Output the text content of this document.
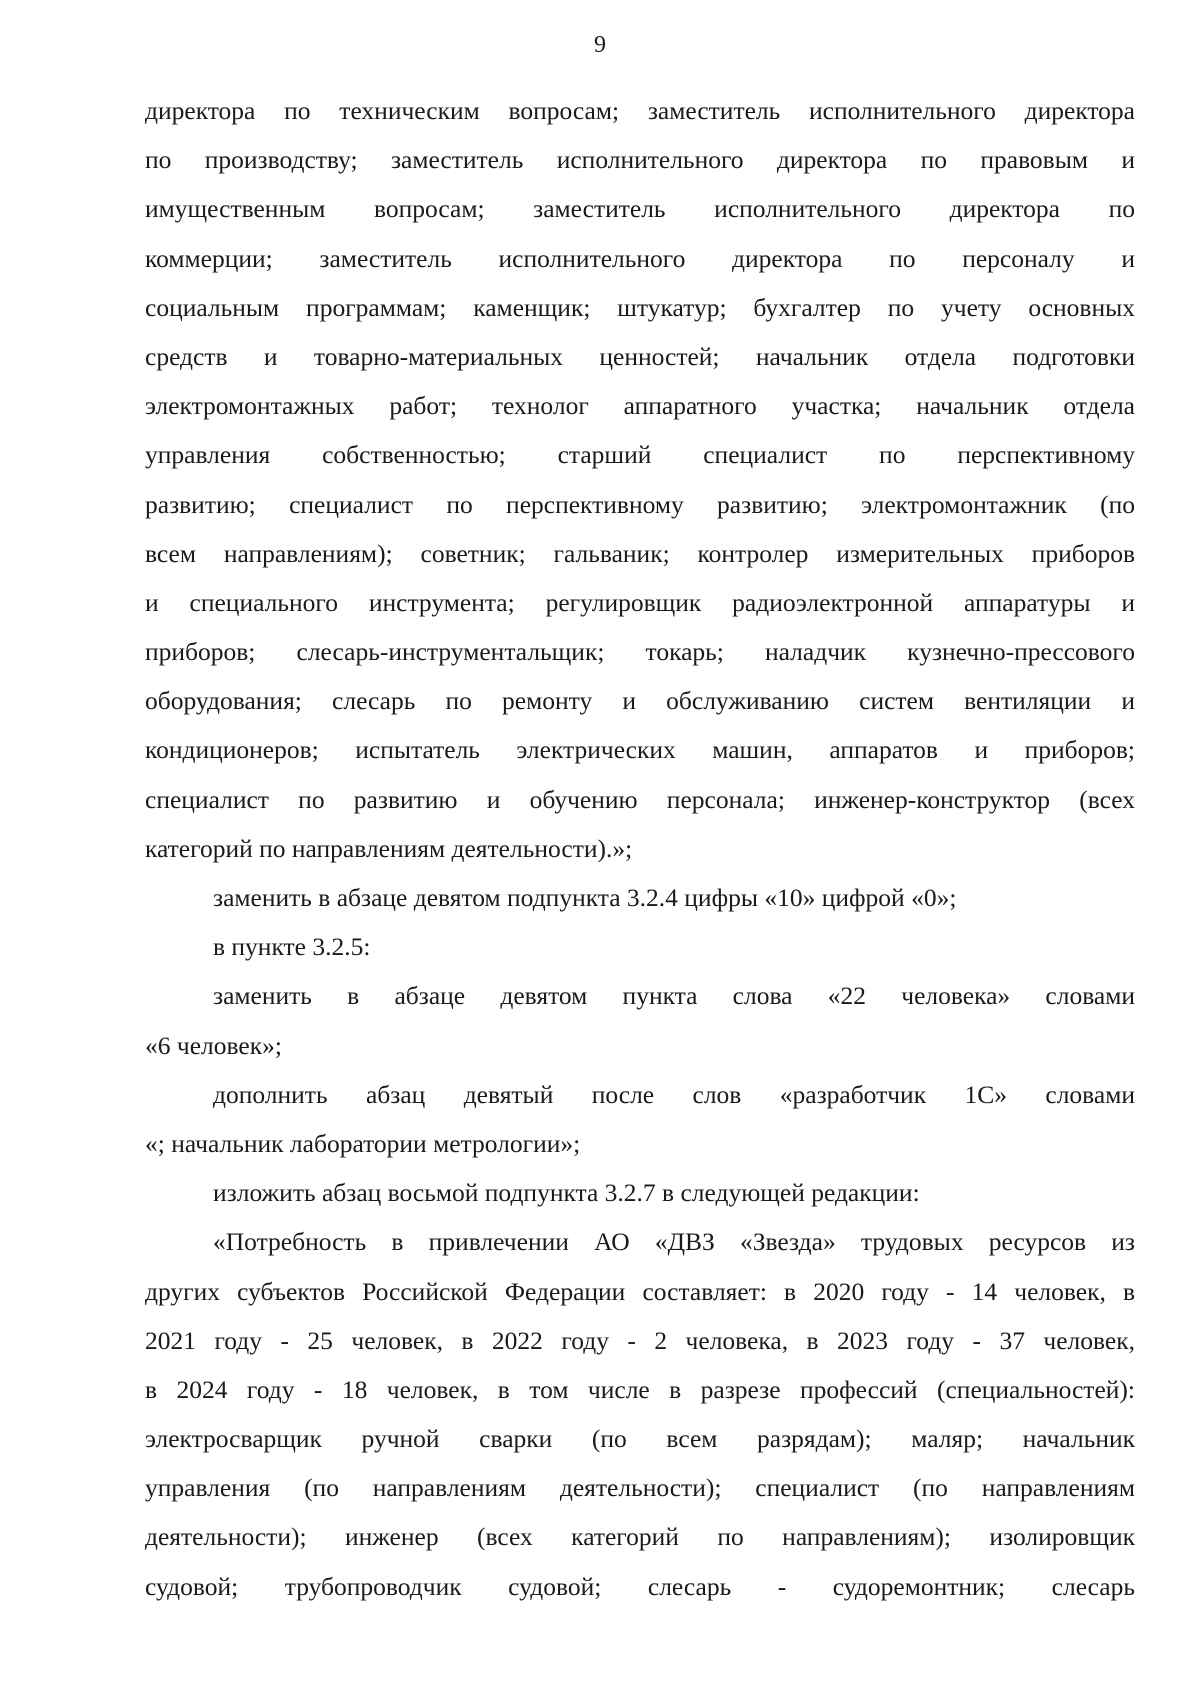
9
директора по техническим вопросам; заместитель исполнительного директора
по производству; заместитель исполнительного директора по правовым и
имущественным вопросам; заместитель исполнительного директора по
коммерции; заместитель исполнительного директора по персоналу и
социальным программам; каменщик; штукатур; бухгалтер по учету основных
средств и товарно-материальных ценностей; начальник отдела подготовки
электромонтажных работ; технолог аппаратного участка; начальник отдела
управления собственностью; старший специалист по перспективному
развитию; специалист по перспективному развитию; электромонтажник (по
всем направлениям); советник; гальваник; контролер измерительных приборов
и специального инструмента; регулировщик радиоэлектронной аппаратуры и
приборов; слесарь-инструментальщик; токарь; наладчик кузнечно-прессового
оборудования; слесарь по ремонту и обслуживанию систем вентиляции и
кондиционеров; испытатель электрических машин, аппаратов и приборов;
специалист по развитию и обучению персонала; инженер-конструктор (всех
категорий по направлениям деятельности).»;
заменить в абзаце девятом подпункта 3.2.4 цифры «10» цифрой «0»;
в пункте 3.2.5:
заменить в абзаце девятом пункта слова «22 человека» словами
«6 человек»;
дополнить абзац девятый после слов «разработчик 1С» словами
«; начальник лаборатории метрологии»;
изложить абзац восьмой подпункта 3.2.7 в следующей редакции:
«Потребность в привлечении АО «ДВЗ «Звезда» трудовых ресурсов из
других субъектов Российской Федерации составляет: в 2020 году - 14 человек, в
2021 году - 25 человек, в 2022 году - 2 человека, в 2023 году - 37 человек,
в 2024 году - 18 человек, в том числе в разрезе профессий (специальностей):
электросварщик ручной сварки (по всем разрядам); маляр; начальник
управления (по направлениям деятельности); специалист (по направлениям
деятельности); инженер (всех категорий по направлениям); изолировщик
судовой; трубопроводчик судовой; слесарь - судоремонтник; слесарь
